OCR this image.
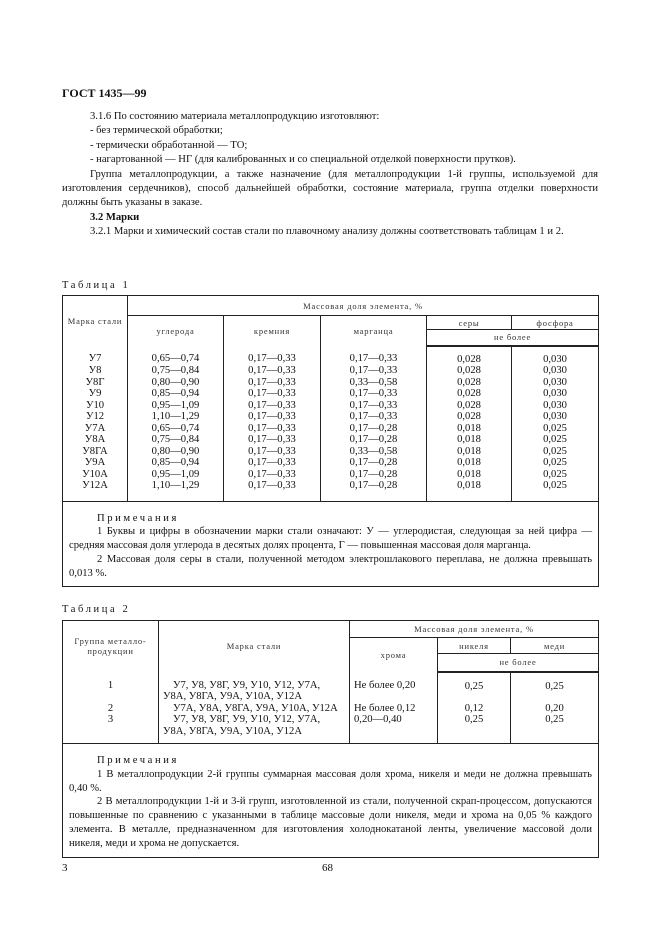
ГОСТ 1435—99

3.1.6 По состоянию материала металлопродукцию изготовляют:

- без термической обработки;

- термически обработанной — ТО;

- нагартованной — НГ (для калиброванных и со специальной отделкой поверхности прутков).

Группа металлопродукции, а также назначение (для металлопродукции 1-й группы, используемой для изготовления сердечников), способ дальнейшей обработки, состояние материала, группа отделки поверхности должны быть указаны в заказе.

3.2 Марки

3.2.1 Марки и химический состав стали по плавочному анализу должны соответствовать таблицам 1 и 2.

Таблица 1
Марка стали	Массовая доля элемента, %				
	углерода	кремния	марганца	серы	фосфора
				не более	
У7	0,65—0,74	0,17—0,33	0,17—0,33	0,028	0,030
У8	0,75—0,84	0,17—0,33	0,17—0,33	0,028	0,030
У8Г	0,80—0,90	0,17—0,33	0,33—0,58	0,028	0,030
У9	0,85—0,94	0,17—0,33	0,17—0,33	0,028	0,030
У10	0,95—1,09	0,17—0,33	0,17—0,33	0,028	0,030
У12	1,10—1,29	0,17—0,33	0,17—0,33	0,028	0,030
У7А	0,65—0,74	0,17—0,33	0,17—0,28	0,018	0,025
У8А	0,75—0,84	0,17—0,33	0,17—0,28	0,018	0,025
У8ГА	0,80—0,90	0,17—0,33	0,33—0,58	0,018	0,025
У9А	0,85—0,94	0,17—0,33	0,17—0,28	0,018	0,025
У10А	0,95—1,09	0,17—0,33	0,17—0,28	0,018	0,025
У12А	1,10—1,29	0,17—0,33	0,17—0,28	0,018	0,025

Примечания

1 Буквы и цифры в обозначении марки стали означают: У — углеродистая, следующая за ней цифра — средняя массовая доля углерода в десятых долях процента, Г — повышенная массовая доля марганца.

2 Массовая доля серы в стали, полученной методом электрошлакового переплава, не должна превышать 0,013 %.					

Таблица 2
Группа металло-продукции	Марка стали	Массовая доля элемента, %		
		хрома	никеля	меди
			не более	
1	У7, У8, У8Г, У9, У10, У12, У7А, У8А, У8ГА, У9А, У10А, У12А	Не более 0,20	0,25	0,25
2	У7А, У8А, У8ГА, У9А, У10А, У12А	Не более 0,12	0,12	0,20
3	У7, У8, У8Г, У9, У10, У12, У7А, У8А, У8ГА, У9А, У10А, У12А	0,20—0,40	0,25	0,25

Примечания

1 В металлопродукции 2-й группы суммарная массовая доля хрома, никеля и меди не должна превышать 0,40 %.

2 В металлопродукции 1-й и 3-й групп, изготовленной из стали, полученной скрап-процессом, допускаются повышенные по сравнению с указанными в таблице массовые доли никеля, меди и хрома на 0,05 % каждого элемента. В металле, предназначенном для изготовления холоднокатаной ленты, увеличение массовой доли никеля, меди и хрома не допускается.				

3	68
